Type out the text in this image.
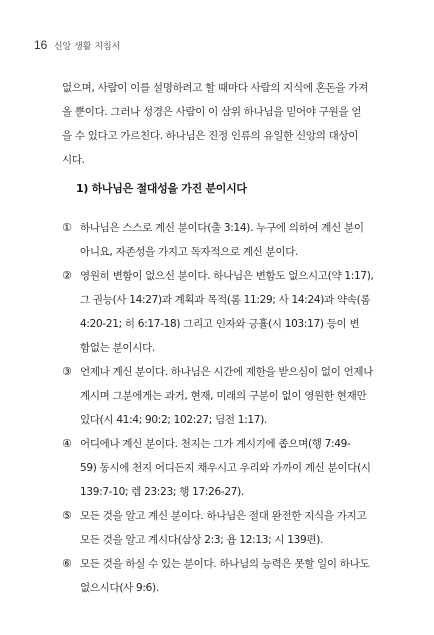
16 신앙 생활 지침서
없으며, 사람이 이를 설명하려고 할 때마다 사람의 지식에 혼돈을 가져
올 뿐이다. 그러나 성경은 사람이 이 삼위 하나님을 믿어야 구원을 얻
을 수 있다고 가르친다. 하나님은 진정 인류의 유일한 신앙의 대상이
시다.
1) 하나님은 절대성을 가진 분이시다
① 하나님은 스스로 계신 분이다(출 3:14). 누구에 의하여 계신 분이
아니요, 자존성을 가지고 독자적으로 계신 분이다.
② 영원히 변함이 없으신 분이다. 하나님은 변함도 없으시고(약 1:17),
그 권능(사 14:27)과 계획과 목적(롬 11:29; 사 14:24)과 약속(롬
4:20-21; 히 6:17-18) 그리고 인자와 긍휼(시 103:17) 등이 변
함없는 분이시다.
③ 언제나 계신 분이다. 하나님은 시간에 제한을 받으심이 없이 언제나
계시며 그분에게는 과거, 현재, 미래의 구분이 없이 영원한 현재만
있다(시 41:4; 90:2; 102:27; 딤전 1:17).
④ 어디에나 계신 분이다. 천지는 그가 계시기에 좁으며(행 7:49-
59) 동시에 천지 어디든지 채우시고 우리와 가까이 계신 분이다(시
139:7-10; 렘 23:23; 행 17:26-27).
⑤ 모든 것을 알고 계신 분이다. 하나님은 절대 완전한 지식을 가지고
모든 것을 알고 계시다(삼상 2:3; 욥 12:13; 시 139편).
⑥ 모든 것을 하실 수 있는 분이다. 하나님의 능력은 못할 일이 하나도
없으시다(사 9:6).
